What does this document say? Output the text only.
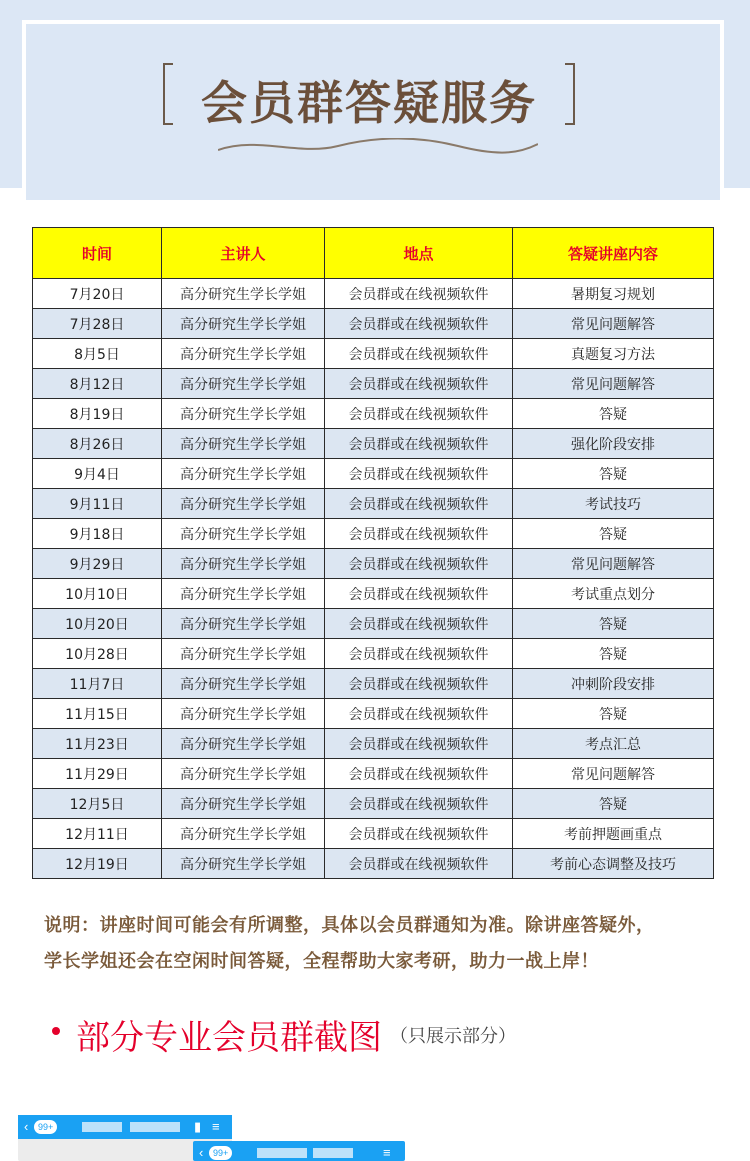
会员群答疑服务
时间	主讲人	地点	答疑讲座内容
7月20日	高分研究生学长学姐	会员群或在线视频软件	暑期复习规划
7月28日	高分研究生学长学姐	会员群或在线视频软件	常见问题解答
8月5日	高分研究生学长学姐	会员群或在线视频软件	真题复习方法
8月12日	高分研究生学长学姐	会员群或在线视频软件	常见问题解答
8月19日	高分研究生学长学姐	会员群或在线视频软件	答疑
8月26日	高分研究生学长学姐	会员群或在线视频软件	强化阶段安排
9月4日	高分研究生学长学姐	会员群或在线视频软件	答疑
9月11日	高分研究生学长学姐	会员群或在线视频软件	考试技巧
9月18日	高分研究生学长学姐	会员群或在线视频软件	答疑
9月29日	高分研究生学长学姐	会员群或在线视频软件	常见问题解答
10月10日	高分研究生学长学姐	会员群或在线视频软件	考试重点划分
10月20日	高分研究生学长学姐	会员群或在线视频软件	答疑
10月28日	高分研究生学长学姐	会员群或在线视频软件	答疑
11月7日	高分研究生学长学姐	会员群或在线视频软件	冲刺阶段安排
11月15日	高分研究生学长学姐	会员群或在线视频软件	答疑
11月23日	高分研究生学长学姐	会员群或在线视频软件	考点汇总
11月29日	高分研究生学长学姐	会员群或在线视频软件	常见问题解答
12月5日	高分研究生学长学姐	会员群或在线视频软件	答疑
12月11日	高分研究生学长学姐	会员群或在线视频软件	考前押题画重点
12月19日	高分研究生学长学姐	会员群或在线视频软件	考前心态调整及技巧
说明：讲座时间可能会有所调整，具体以会员群通知为准。除讲座答疑外，
学长学姐还会在空闲时间答疑，全程帮助大家考研，助力一战上岸！
部分专业会员群截图 （只展示部分）
‹	99+	▮ ≡
‹	99+	≡
